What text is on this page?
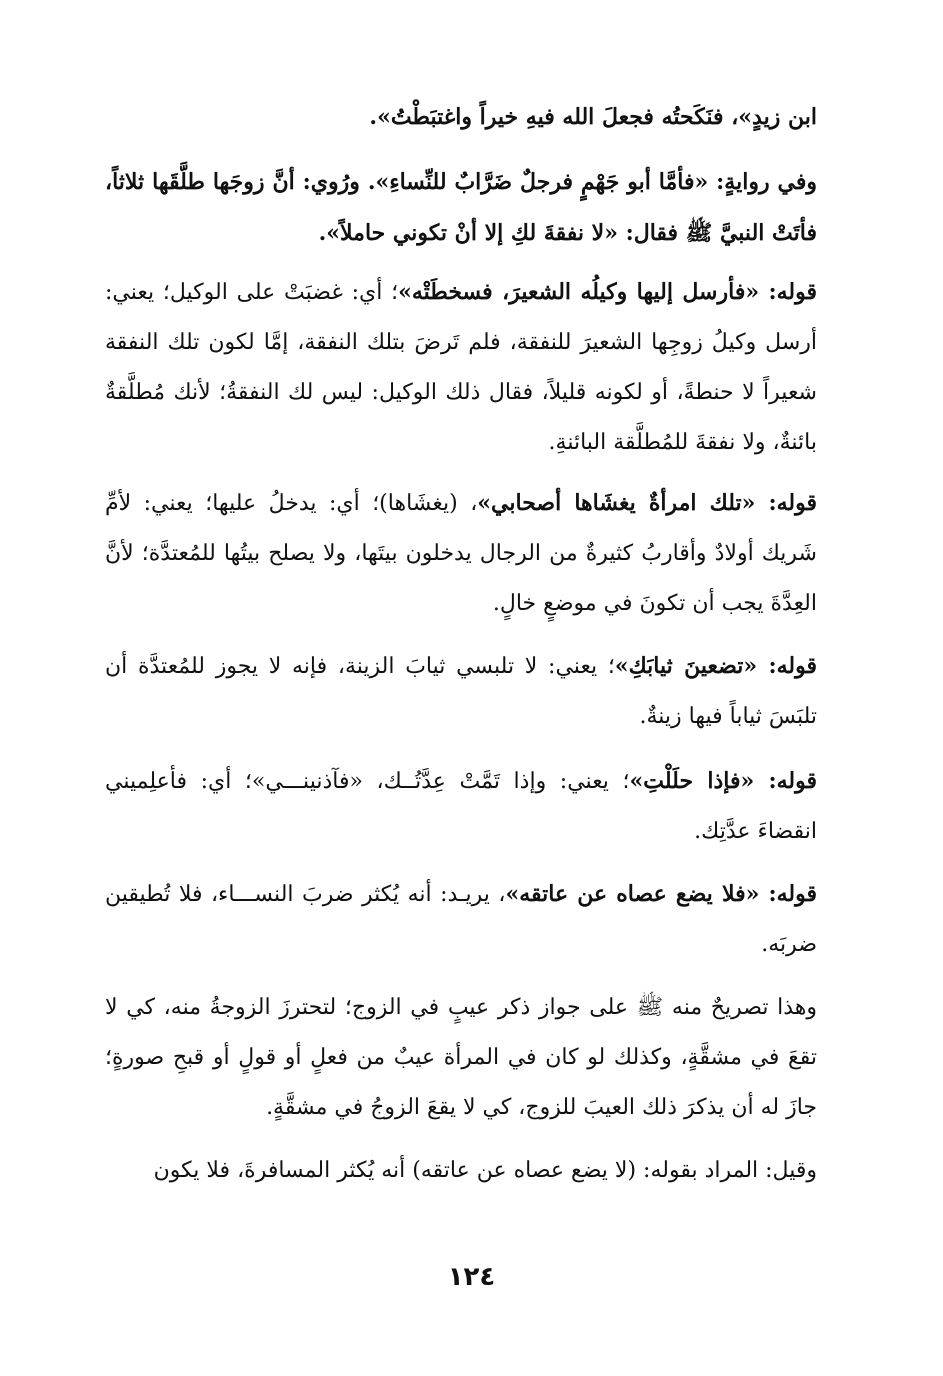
ابن زيدٍ»، فنَكَحتُه فجعلَ الله فيهِ خيراً واغتبَطْتُ».

وفي روايةٍ: «فأمَّا أبو جَهْمٍ فرجلٌ ضَرَّابٌ للنِّساءِ». ورُوي: أنَّ زوجَها طلَّقَها ثلاثاً، فأتَتْ النبيَّ ﷺ فقال: «لا نفقةَ لكِ إلا أنْ تكوني حاملاً».

قوله: «فأرسل إليها وكيلُه الشعيرَ، فسخطَتْه»؛ أي: غضبَتْ على الوكيل؛ يعني: أرسل وكيلُ زوجِها الشعيرَ للنفقة، فلم تَرضَ بتلك النفقة، إمَّا لكون تلك النفقة شعيراً لا حنطةً، أو لكونه قليلاً، فقال ذلك الوكيل: ليس لك النفقةُ؛ لأنك مُطلَّقةٌ بائنةٌ، ولا نفقةَ للمُطلَّقة البائنةِ.

قوله: «تلك امرأةٌ يغشَاها أصحابي»، (يغشَاها)؛ أي: يدخلُ عليها؛ يعني: لأمِّ شَريك أولادٌ وأقاربُ كثيرةٌ من الرجال يدخلون بيتَها، ولا يصلح بيتُها للمُعتدَّة؛ لأنَّ العِدَّةَ يجب أن تكونَ في موضعٍ خالٍ.

قوله: «تضعينَ ثيابَكِ»؛ يعني: لا تلبسي ثيابَ الزينة، فإنه لا يجوز للمُعتدَّة أن تلبَسَ ثياباً فيها زينةٌ.

قوله: «فإذا حلَلْتِ»؛ يعني: وإذا تَمَّتْ عِدَّتُــك، «فآذنينـــي»؛ أي: فأعلِميني انقضاءَ عدَّتِك.

قوله: «فلا يضع عصاه عن عاتقه»، يريـد: أنه يُكثر ضربَ النســـاء، فلا تُطيقين ضربَه.

وهذا تصريحٌ منه ﷺ على جواز ذكر عيبٍ في الزوج؛ لتحترزَ الزوجةُ منه، كي لا تقعَ في مشقَّةٍ، وكذلك لو كان في المرأة عيبٌ من فعلٍ أو قولٍ أو قبحِ صورةٍ؛ جازَ له أن يذكرَ ذلك العيبَ للزوج، كي لا يقعَ الزوجُ في مشقَّةٍ.

وقيل: المراد بقوله: (لا يضع عصاه عن عاتقه) أنه يُكثر المسافرةَ، فلا يكون

١٢٤
